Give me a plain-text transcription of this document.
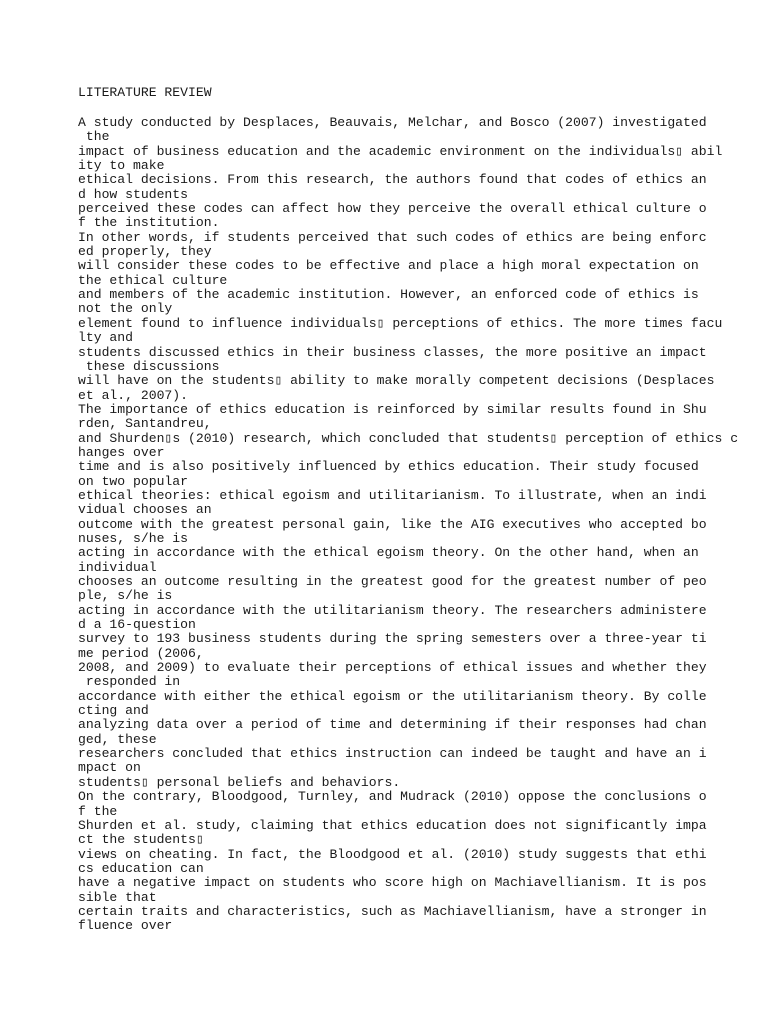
LITERATURE REVIEW
A study conducted by Desplaces, Beauvais, Melchar, and Bosco (2007) investigated
the
impact of business education and the academic environment on the individuals▯ abil
ity to make
ethical decisions. From this research, the authors found that codes of ethics an
d how students
perceived these codes can affect how they perceive the overall ethical culture o
f the institution.
In other words, if students perceived that such codes of ethics are being enforc
ed properly, they
will consider these codes to be effective and place a high moral expectation on
the ethical culture
and members of the academic institution. However, an enforced code of ethics is
not the only
element found to influence individuals▯ perceptions of ethics. The more times facu
lty and
students discussed ethics in their business classes, the more positive an impact
these discussions
will have on the students▯ ability to make morally competent decisions (Desplaces
et al., 2007).
The importance of ethics education is reinforced by similar results found in Shu
rden, Santandreu,
and Shurden▯s (2010) research, which concluded that students▯ perception of ethics c
hanges over
time and is also positively influenced by ethics education. Their study focused
on two popular
ethical theories: ethical egoism and utilitarianism. To illustrate, when an indi
vidual chooses an
outcome with the greatest personal gain, like the AIG executives who accepted bo
nuses, s/he is
acting in accordance with the ethical egoism theory. On the other hand, when an
individual
chooses an outcome resulting in the greatest good for the greatest number of peo
ple, s/he is
acting in accordance with the utilitarianism theory. The researchers administere
d a 16-question
survey to 193 business students during the spring semesters over a three-year ti
me period (2006,
2008, and 2009) to evaluate their perceptions of ethical issues and whether they
responded in
accordance with either the ethical egoism or the utilitarianism theory. By colle
cting and
analyzing data over a period of time and determining if their responses had chan
ged, these
researchers concluded that ethics instruction can indeed be taught and have an i
mpact on
students▯ personal beliefs and behaviors.
On the contrary, Bloodgood, Turnley, and Mudrack (2010) oppose the conclusions o
f the
Shurden et al. study, claiming that ethics education does not significantly impa
ct the students▯
views on cheating. In fact, the Bloodgood et al. (2010) study suggests that ethi
cs education can
have a negative impact on students who score high on Machiavellianism. It is pos
sible that
certain traits and characteristics, such as Machiavellianism, have a stronger in
fluence over
